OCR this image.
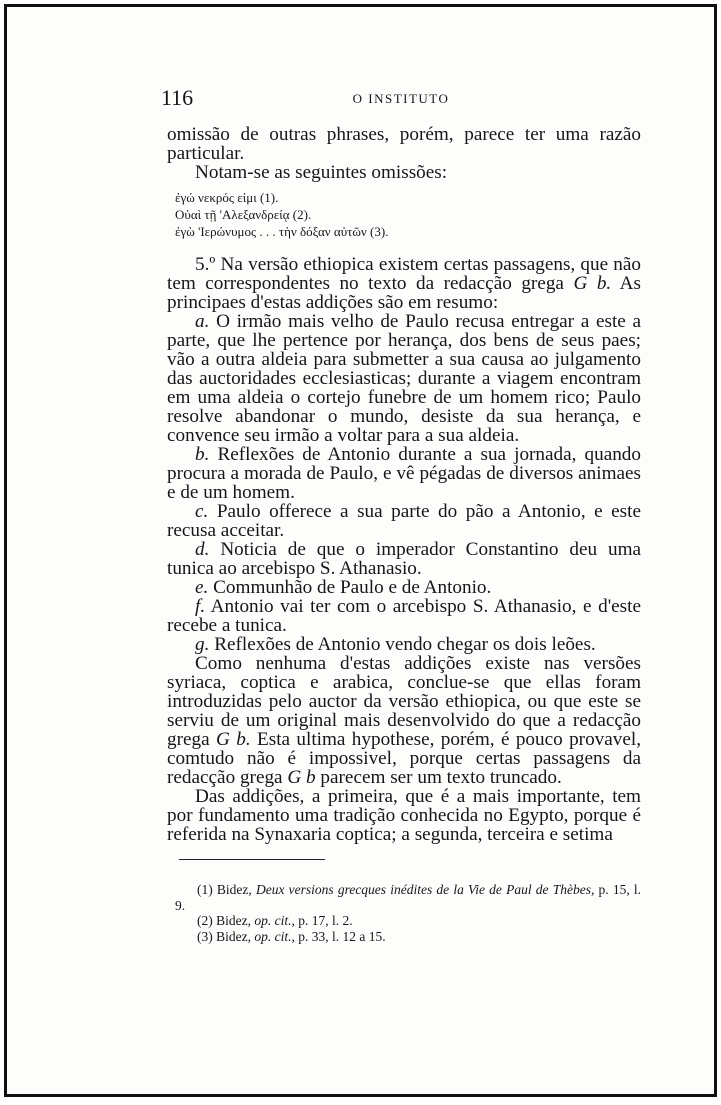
116	O INSTITUTO

omissão de outras phrases, porém, parece ter uma razão particular.

Notam-se as seguintes omissões:

ἐγώ νεκρός εἰμι (1).
Οὐαὶ τῇ 'Αλεξανδρείᾳ (2).
ἐγὼ 'Ιερώνυμος . . . τὴν δόξαν αὐτῶν (3).

5.º Na versão ethiopica existem certas passagens, que não tem correspondentes no texto da redacção grega G b. As principaes d'estas addições são em resumo:

a. O irmão mais velho de Paulo recusa entregar a este a parte, que lhe pertence por herança, dos bens de seus paes; vão a outra aldeia para submetter a sua causa ao julgamento das auctoridades ecclesiasticas; durante a viagem encontram em uma aldeia o cortejo funebre de um homem rico; Paulo resolve abandonar o mundo, desiste da sua herança, e convence seu irmão a voltar para a sua aldeia.

b. Reflexões de Antonio durante a sua jornada, quando procura a morada de Paulo, e vê pégadas de diversos animaes e de um homem.

c. Paulo offerece a sua parte do pão a Antonio, e este recusa acceitar.

d. Noticia de que o imperador Constantino deu uma tunica ao arcebispo S. Athanasio.

e. Communhão de Paulo e de Antonio.

f. Antonio vai ter com o arcebispo S. Athanasio, e d'este recebe a tunica.

g. Reflexões de Antonio vendo chegar os dois leões.

Como nenhuma d'estas addições existe nas versões syriaca, coptica e arabica, conclue-se que ellas foram introduzidas pelo auctor da versão ethiopica, ou que este se serviu de um original mais desenvolvido do que a redacção grega G b. Esta ultima hypothese, porém, é pouco provavel, comtudo não é impossivel, porque certas passagens da redacção grega G b parecem ser um texto truncado.

Das addições, a primeira, que é a mais importante, tem por fundamento uma tradição conhecida no Egypto, porque é referida na Synaxaria coptica; a segunda, terceira e setima

(1) Bidez, Deux versions grecques inédites de la Vie de Paul de Thèbes, p. 15, l. 9.

(2) Bidez, op. cit., p. 17, l. 2.

(3) Bidez, op. cit., p. 33, l. 12 a 15.
